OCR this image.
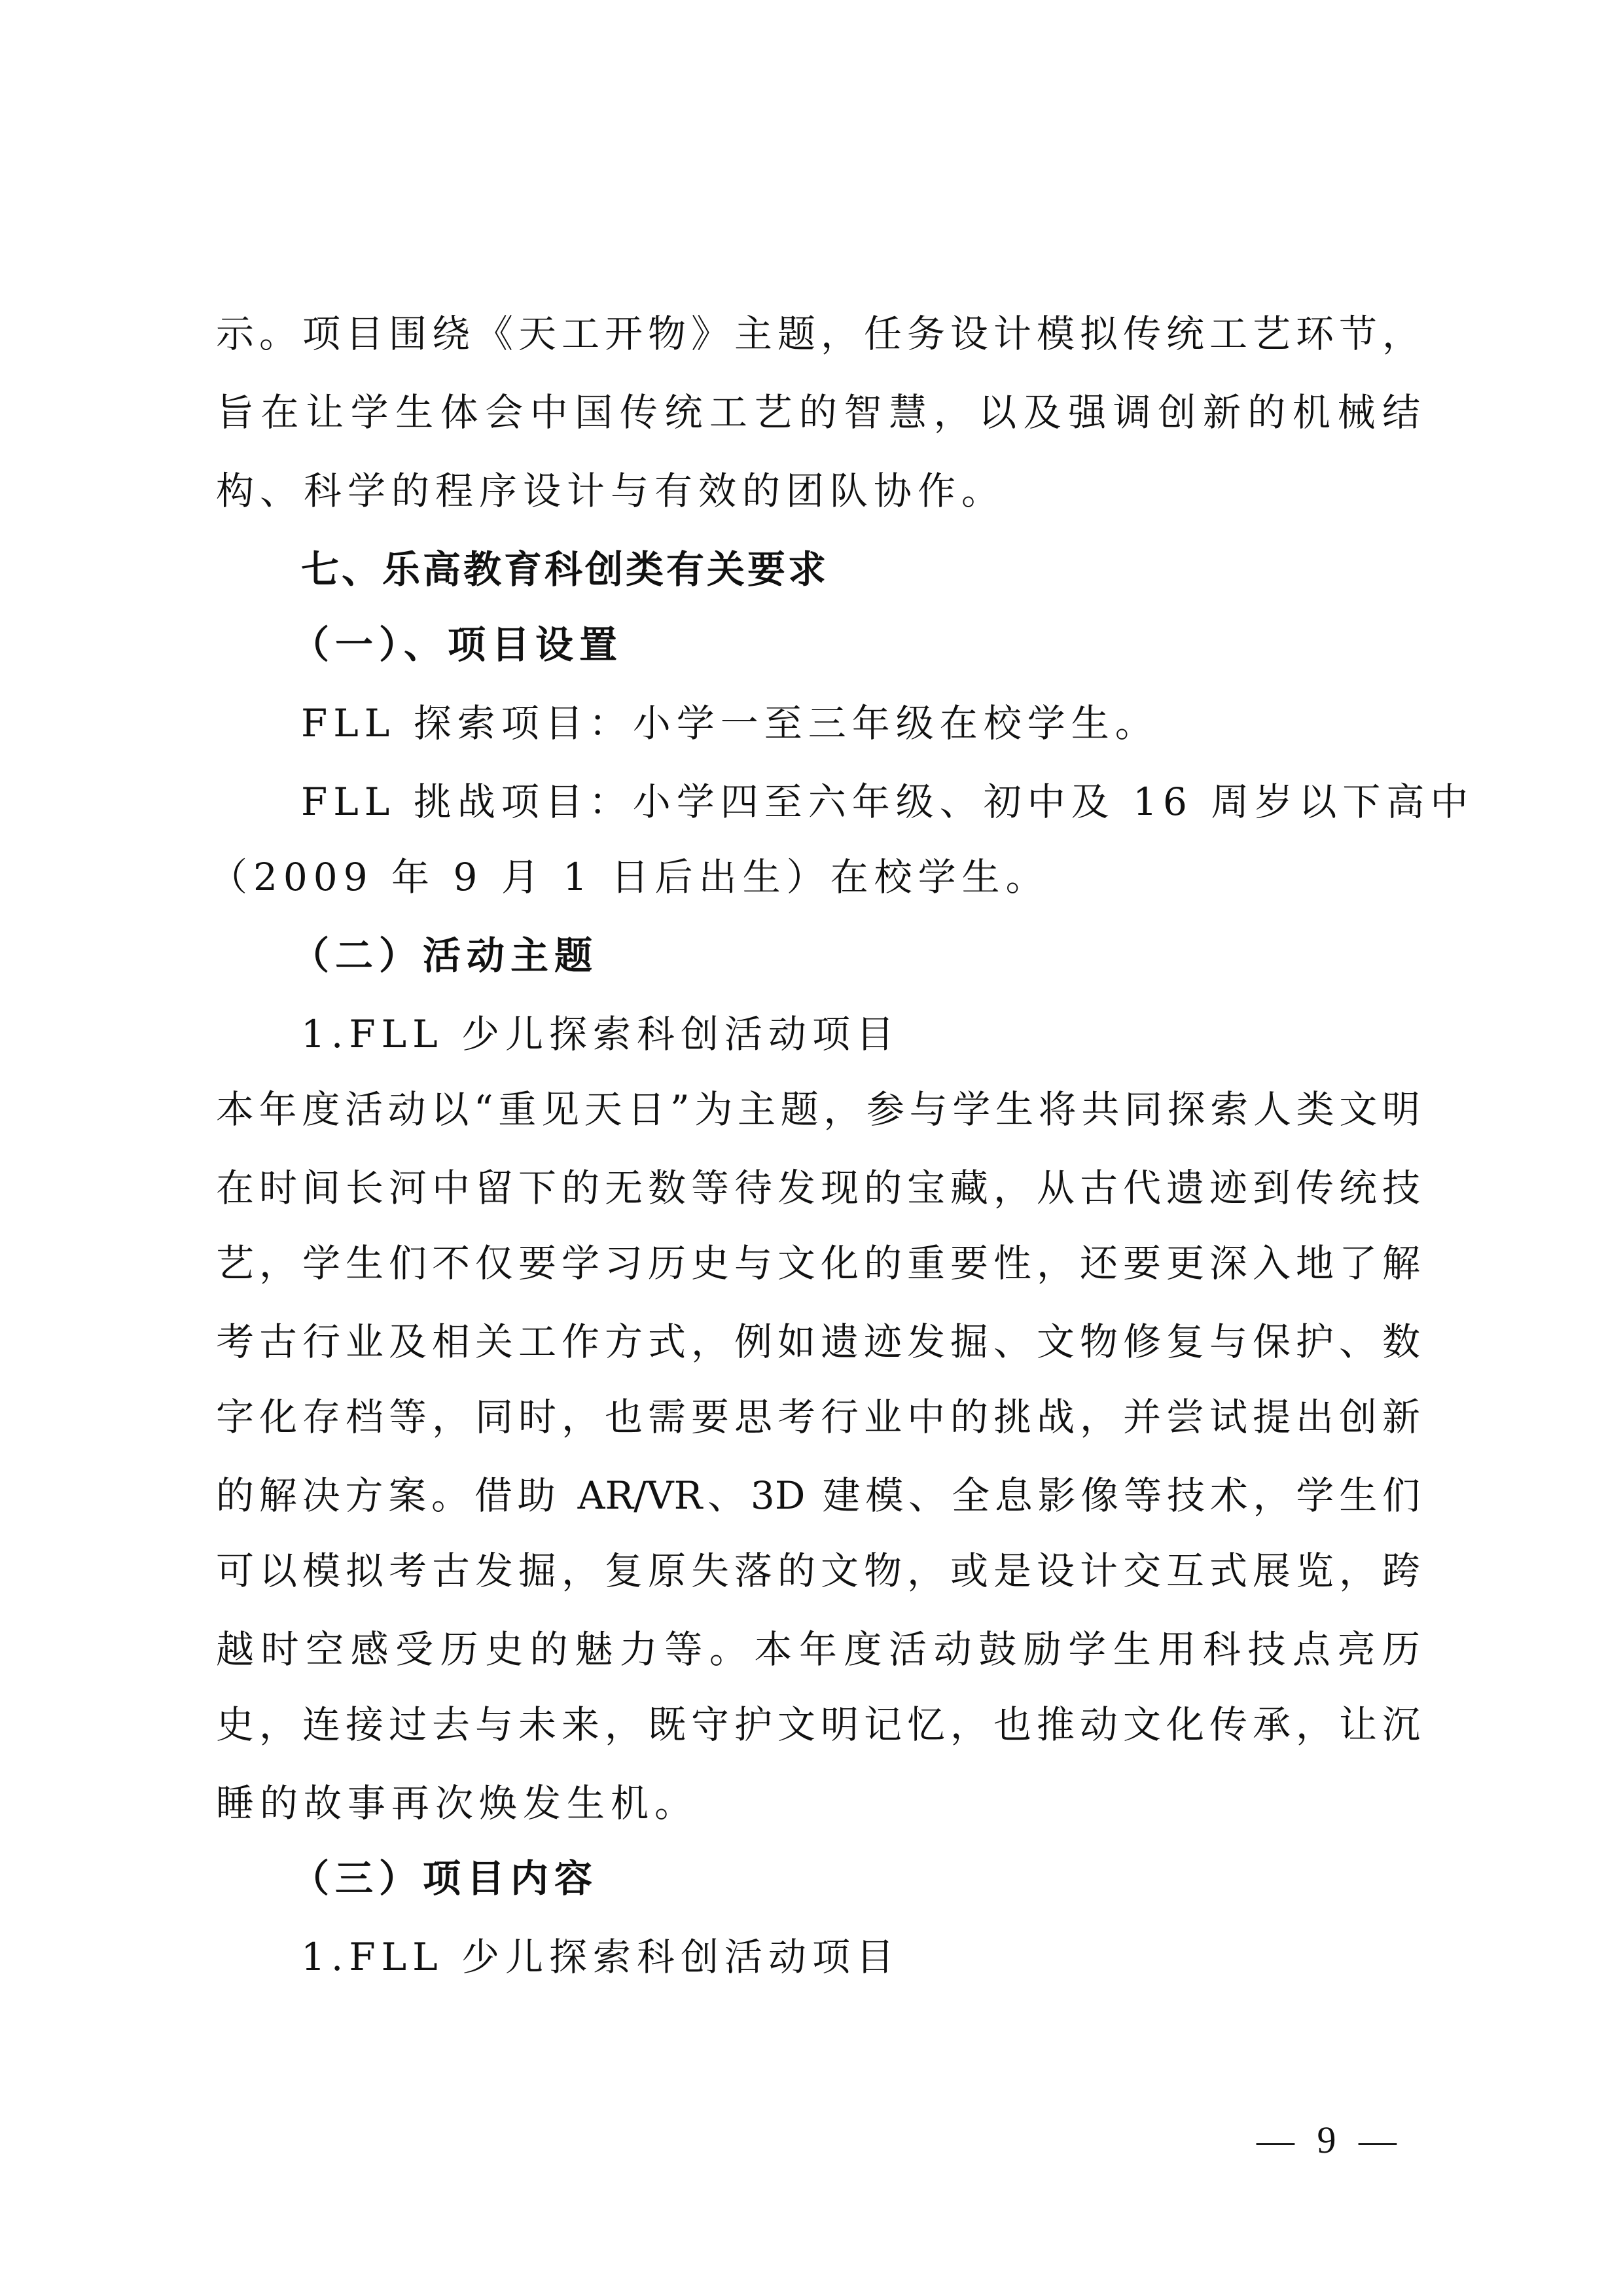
示。项目围绕《天工开物》主题，任务设计模拟传统工艺环节，
旨在让学生体会中国传统工艺的智慧，以及强调创新的机械结
构、科学的程序设计与有效的团队协作。
七、乐高教育科创类有关要求
（一）、项目设置
FLL 探索项目：小学一至三年级在校学生。
FLL 挑战项目：小学四至六年级、初中及 16 周岁以下高中
（2009 年 9 月 1 日后出生）在校学生。
（二）活动主题
1.FLL 少儿探索科创活动项目
本年度活动以“重见天日”为主题，参与学生将共同探索人类文明
在时间长河中留下的无数等待发现的宝藏，从古代遗迹到传统技
艺，学生们不仅要学习历史与文化的重要性，还要更深入地了解
考古行业及相关工作方式，例如遗迹发掘、文物修复与保护、数
字化存档等，同时，也需要思考行业中的挑战，并尝试提出创新
的解决方案。借助 AR/VR、3D 建模、全息影像等技术，学生们
可以模拟考古发掘，复原失落的文物，或是设计交互式展览，跨
越时空感受历史的魅力等。本年度活动鼓励学生用科技点亮历
史，连接过去与未来，既守护文明记忆，也推动文化传承，让沉
睡的故事再次焕发生机。
（三）项目内容
1.FLL 少儿探索科创活动项目
— 9 —
